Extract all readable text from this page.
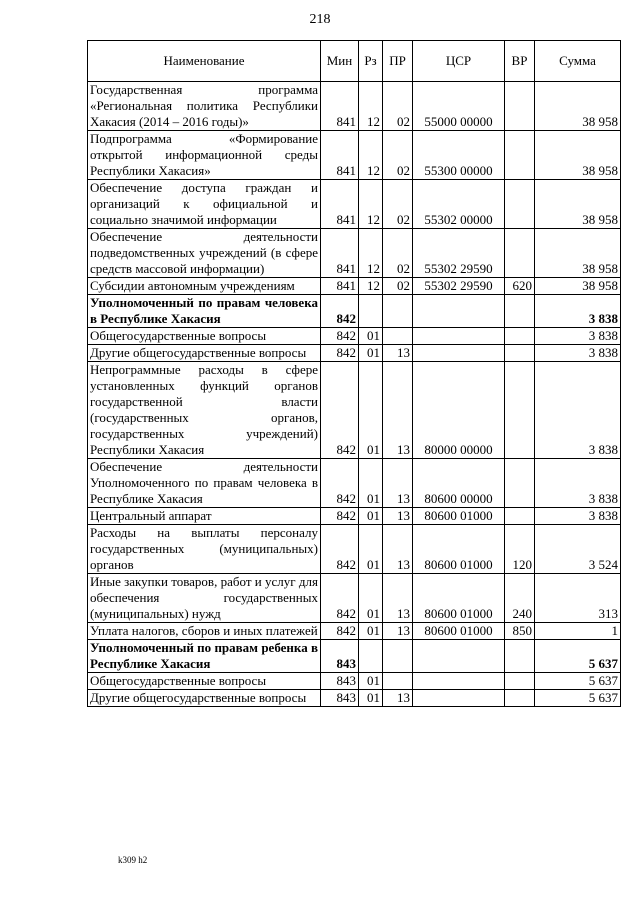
218
Наименование	Мин	Рз	ПР	ЦСР	ВР	Сумма
Государственная программа «Региональная политика Республики Хакасия (2014 – 2016 годы)»	841	12	02	55000 00000		38 958
Подпрограмма «Формирование открытой информационной среды Республики Хакасия»	841	12	02	55300 00000		38 958
Обеспечение доступа граждан и организаций к официальной и социально значимой информации	841	12	02	55302 00000		38 958
Обеспечение деятельности подведомственных учреждений (в сфере средств массовой информации)	841	12	02	55302 29590		38 958
Субсидии автономным учреждениям	841	12	02	55302 29590	620	38 958
Уполномоченный по правам человека в Республике Хакасия	842					3 838
Общегосударственные вопросы	842	01				3 838
Другие общегосударственные вопросы	842	01	13			3 838
Непрограммные расходы в сфере установленных функций органов государственной власти (государственных органов, государственных учреждений) Республики Хакасия	842	01	13	80000 00000		3 838
Обеспечение деятельности Уполномоченного по правам человека в Республике Хакасия	842	01	13	80600 00000		3 838
Центральный аппарат	842	01	13	80600 01000		3 838
Расходы на выплаты персоналу государственных (муниципальных) органов	842	01	13	80600 01000	120	3 524
Иные закупки товаров, работ и услуг для обеспечения государственных (муниципальных) нужд	842	01	13	80600 01000	240	313
Уплата налогов, сборов и иных платежей	842	01	13	80600 01000	850	1
Уполномоченный по правам ребенка в Республике Хакасия	843					5 637
Общегосударственные вопросы	843	01				5 637
Другие общегосударственные вопросы	843	01	13			5 637
k309 h2
